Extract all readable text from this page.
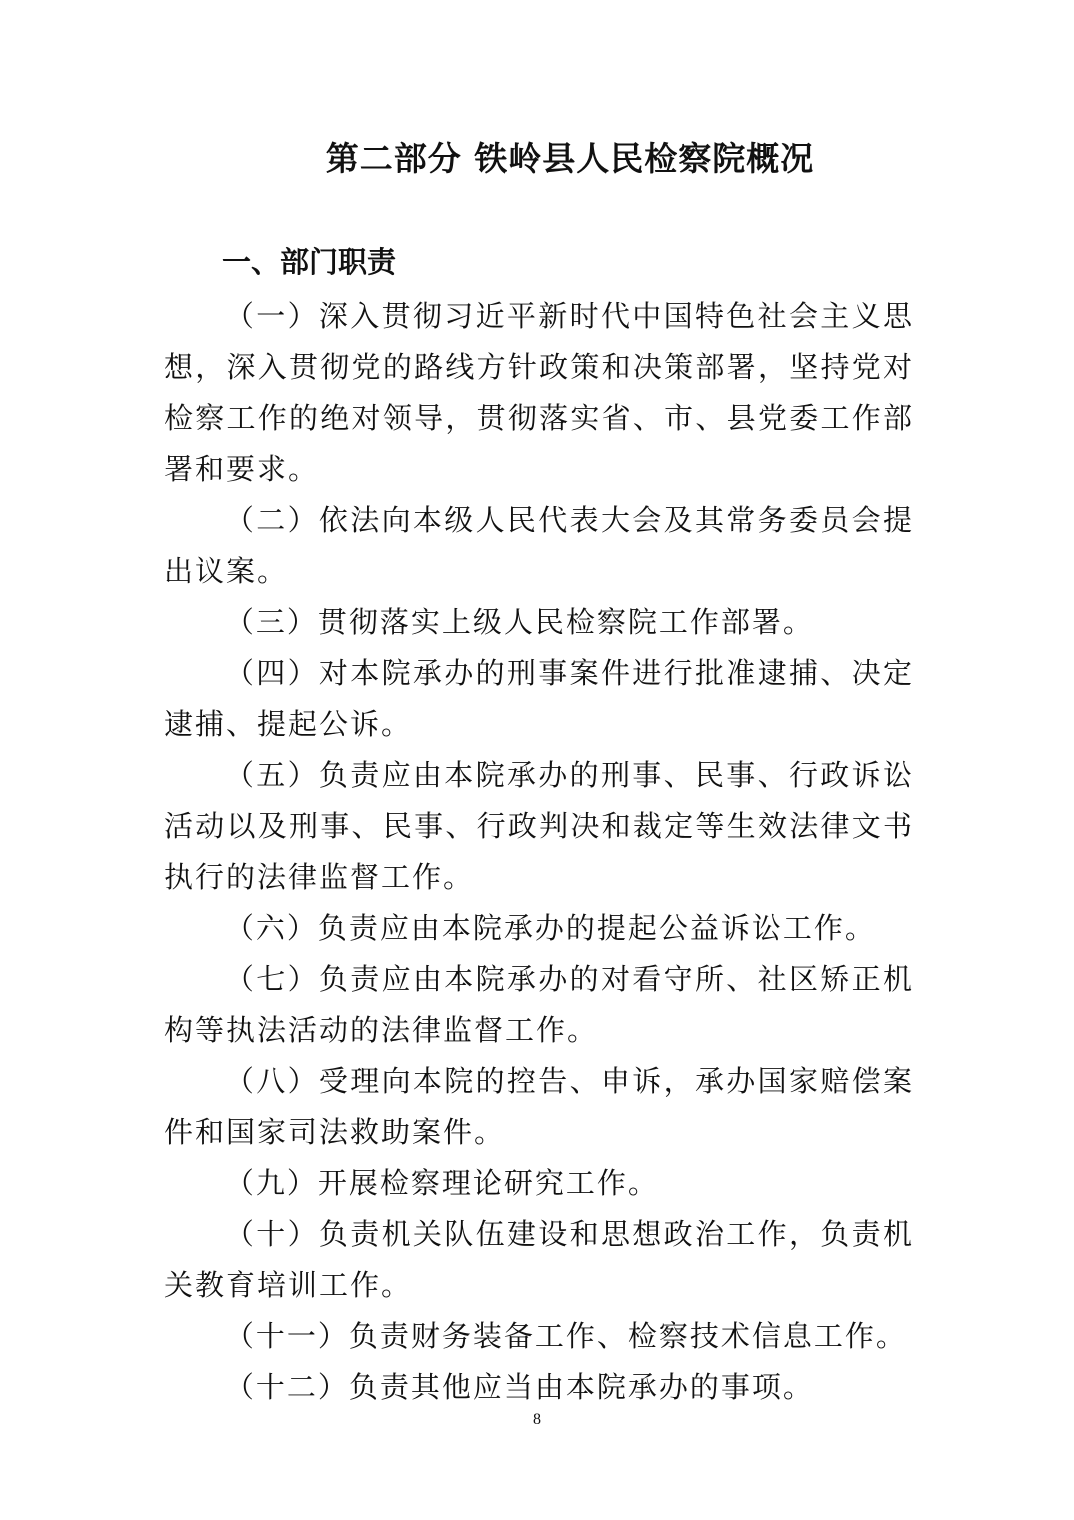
第二部分 铁岭县人民检察院概况
一、部门职责

（一）深入贯彻习近平新时代中国特色社会主义思想，深入贯彻党的路线方针政策和决策部署，坚持党对检察工作的绝对领导，贯彻落实省、市、县党委工作部署和要求。

（二）依法向本级人民代表大会及其常务委员会提出议案。

（三）贯彻落实上级人民检察院工作部署。

（四）对本院承办的刑事案件进行批准逮捕、决定逮捕、提起公诉。

（五）负责应由本院承办的刑事、民事、行政诉讼活动以及刑事、民事、行政判决和裁定等生效法律文书执行的法律监督工作。

（六）负责应由本院承办的提起公益诉讼工作。

（七）负责应由本院承办的对看守所、社区矫正机构等执法活动的法律监督工作。

（八）受理向本院的控告、申诉，承办国家赔偿案件和国家司法救助案件。

（九）开展检察理论研究工作。

（十）负责机关队伍建设和思想政治工作，负责机关教育培训工作。

（十一）负责财务装备工作、检察技术信息工作。

（十二）负责其他应当由本院承办的事项。

8
